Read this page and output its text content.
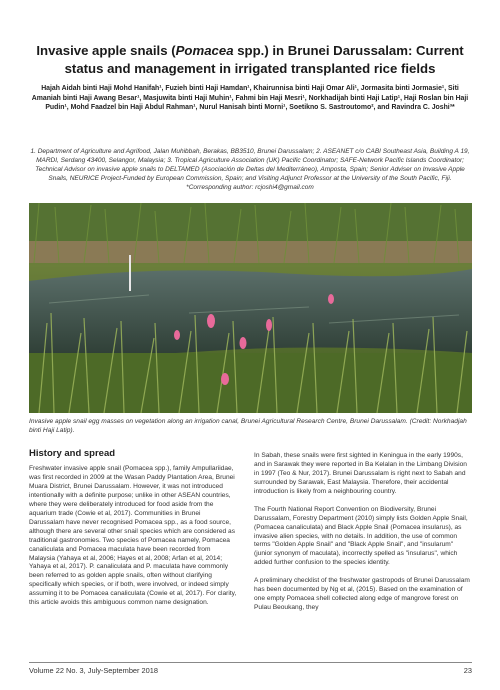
Invasive apple snails (Pomacea spp.) in Brunei Darussalam: Current status and management in irrigated transplanted rice fields
Hajah Aidah binti Haji Mohd Hanifah¹, Fuzieh binti Haji Hamdan¹, Khairunnisa binti Haji Omar Ali¹, Jormasita binti Jormasie¹, Siti Amaniah binti Haji Awang Besar¹, Masjuwita binti Haji Muhin¹, Fahmi bin Haji Mesri¹, Norkhadijah binti Haji Latip¹, Haji Roslan bin Haji Pudin¹, Mohd Faadzel bin Haji Abdul Rahman¹, Nurul Hanisah binti Morni¹, Soetikno S. Sastroutomo², and Ravindra C. Joshi³*
1. Department of Agriculture and Agrifood, Jalan Muhibbah, Berakas, BB3510, Brunei Darussalam; 2. ASEANET c/o CABI Southeast Asia, Building A 19, MARDI, Serdang 43400, Selangor, Malaysia; 3. Tropical Agriculture Association (UK) Pacific Coordinator; SAFE-Network Pacific Islands Coordinator; Technical Advisor on invasive apple snails to DELTAMED (Asociación de Deltas del Mediterráneo), Amposta, Spain; Senior Adviser on Invasive Apple Snails, NEURICE Project-Funded by European Commission, Spain; and Visiting Adjunct Professor at the University of the South Pacific, Fiji.
*Corresponding author: rcjoshi4@gmail.com
Invasive apple snail egg masses on vegetation along an irrigation canal, Brunei Agricultural Research Centre, Brunei Darussalam. (Credit: Norkhadjah binti Haji Latip).
History and spread

Freshwater invasive apple snail (Pomacea spp.), family Ampullariidae, was first recorded in 2009 at the Wasan Paddy Plantation Area, Brunei Muara District, Brunei Darussalam. However, it was not introduced intentionally with a definite purpose; unlike in other ASEAN countries, where they were deliberately introduced for food aside from the aquarium trade (Cowie et al, 2017). Communities in Brunei Darussalam have never recognised Pomacea spp., as a food source, although there are several other snail species which are considered as traditional gastronomies. Two species of Pomacea namely, Pomacea canaliculata and Pomacea maculata have been recorded from Malaysia (Yahaya et al, 2006; Hayes et al, 2008; Arfan et al, 2014; Yahaya et al, 2017). P. canaliculata and P. maculata have commonly been referred to as golden apple snails, often without clarifying specifically which species, or if both, were involved, or indeed simply assuming it to be Pomacea canaliculata (Cowie et al, 2017). For clarity, this article avoids this ambiguous common name designation.

In Sabah, these snails were first sighted in Keningua in the early 1990s, and in Sarawak they were reported in Ba Kelalan in the Limbang Division in 1997 (Teo & Nur, 2017). Brunei Darussalam is right next to Sabah and surrounded by Sarawak, East Malaysia. Therefore, their accidental introduction is likely from a neighbouring country.

The Fourth National Report Convention on Biodiversity, Brunei Darussalam, Forestry Department (2010) simply lists Golden Apple Snail, (Pomacea canaliculata) and Black Apple Snail (Pomacea insularus), as invasive alien species, with no details. In addition, the use of common terms "Golden Apple Snail" and "Black Apple Snail", and "insularum" (junior synonym of maculata), incorrectly spelled as "insularus", which added further confusion to the species identity.

A preliminary checklist of the freshwater gastropods of Brunei Darussalam has been documented by Ng et al, (2015). Based on the examination of one empty Pomacea shell collected along edge of mangrove forest on Pulau Beoukang, they

Volume 22 No. 3, July-September 2018	23
